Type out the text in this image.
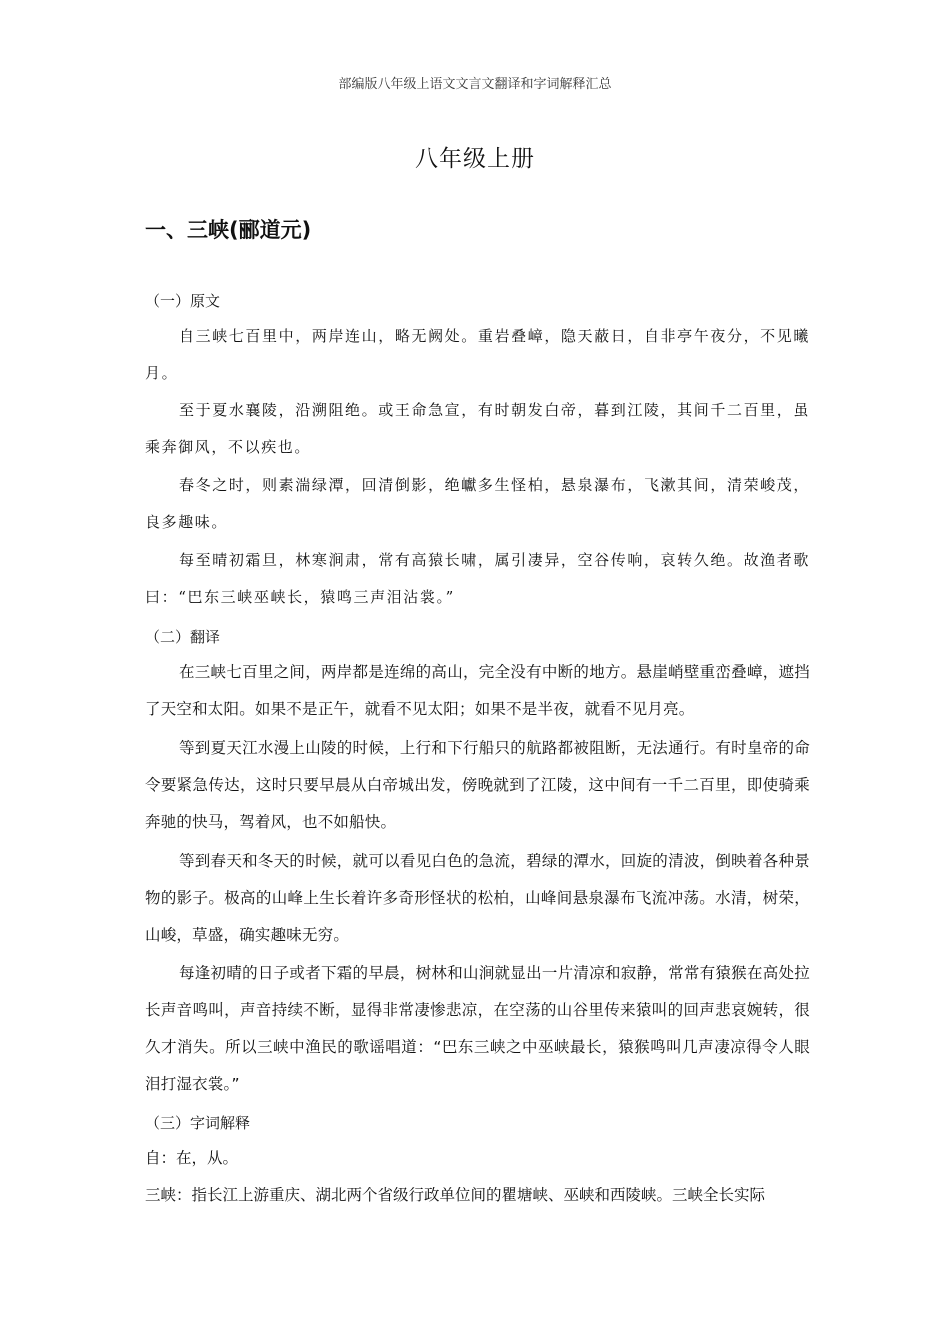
部编版八年级上语文文言文翻译和字词解释汇总
八年级上册
一、三峡(郦道元)
（一）原文

自三峡七百里中，两岸连山，略无阙处。重岩叠嶂，隐天蔽日，自非亭午夜分，不见曦月。

至于夏水襄陵，沿溯阻绝。或王命急宣，有时朝发白帝，暮到江陵，其间千二百里，虽乘奔御风，不以疾也。

春冬之时，则素湍绿潭，回清倒影，绝巘多生怪柏，悬泉瀑布，飞漱其间，清荣峻茂，良多趣味。

每至晴初霜旦，林寒涧肃，常有高猿长啸，属引凄异，空谷传响，哀转久绝。故渔者歌曰：“巴东三峡巫峡长，猿鸣三声泪沾裳。”

（二）翻译

在三峡七百里之间，两岸都是连绵的高山，完全没有中断的地方。悬崖峭壁重峦叠嶂，遮挡了天空和太阳。如果不是正午，就看不见太阳；如果不是半夜，就看不见月亮。

等到夏天江水漫上山陵的时候，上行和下行船只的航路都被阻断，无法通行。有时皇帝的命令要紧急传达，这时只要早晨从白帝城出发，傍晚就到了江陵，这中间有一千二百里，即使骑乘奔驰的快马，驾着风，也不如船快。

等到春天和冬天的时候，就可以看见白色的急流，碧绿的潭水，回旋的清波，倒映着各种景物的影子。极高的山峰上生长着许多奇形怪状的松柏，山峰间悬泉瀑布飞流冲荡。水清，树荣，山峻，草盛，确实趣味无穷。

每逢初晴的日子或者下霜的早晨，树林和山涧就显出一片清凉和寂静，常常有猿猴在高处拉长声音鸣叫，声音持续不断，显得非常凄惨悲凉，在空荡的山谷里传来猿叫的回声悲哀婉转，很久才消失。所以三峡中渔民的歌谣唱道：“巴东三峡之中巫峡最长，猿猴鸣叫几声凄凉得令人眼泪打湿衣裳。”

（三）字词解释

自：在，从。

三峡：指长江上游重庆、湖北两个省级行政单位间的瞿塘峡、巫峡和西陵峡。三峡全长实际
